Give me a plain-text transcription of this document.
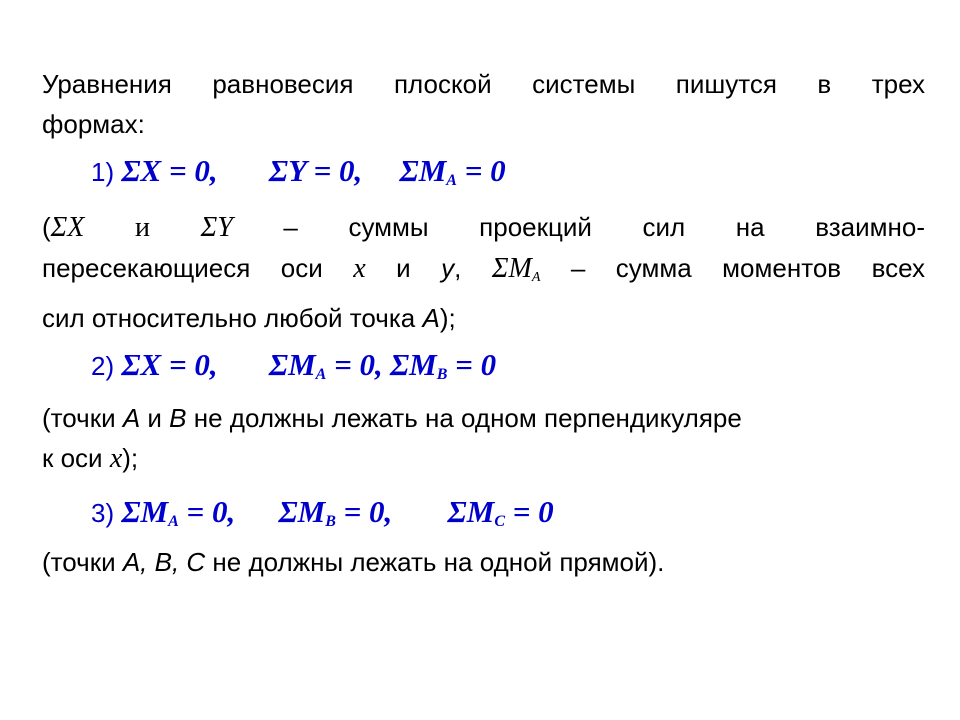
Уравнения равновесия плоской системы пишутся в трех
формах:
1) ΣX = 0, ΣY = 0, $\Sigma M_A = 0$
(ΣX и ΣY – суммы проекций сил на взаимно-
пересекающиеся оси x и y, $\Sigma M_A$ – сумма моментов всех
сил относительно любой точка A);
2) ΣX = 0, $\Sigma M_A = 0$, $\Sigma M_B = 0$
(точки A и B не должны лежать на одном перпендикуляре
к оси x);
3) $\Sigma M_A = 0$, $\Sigma M_B = 0$, $\Sigma M_C = 0$
(точки A, B, C не должны лежать на одной прямой).
